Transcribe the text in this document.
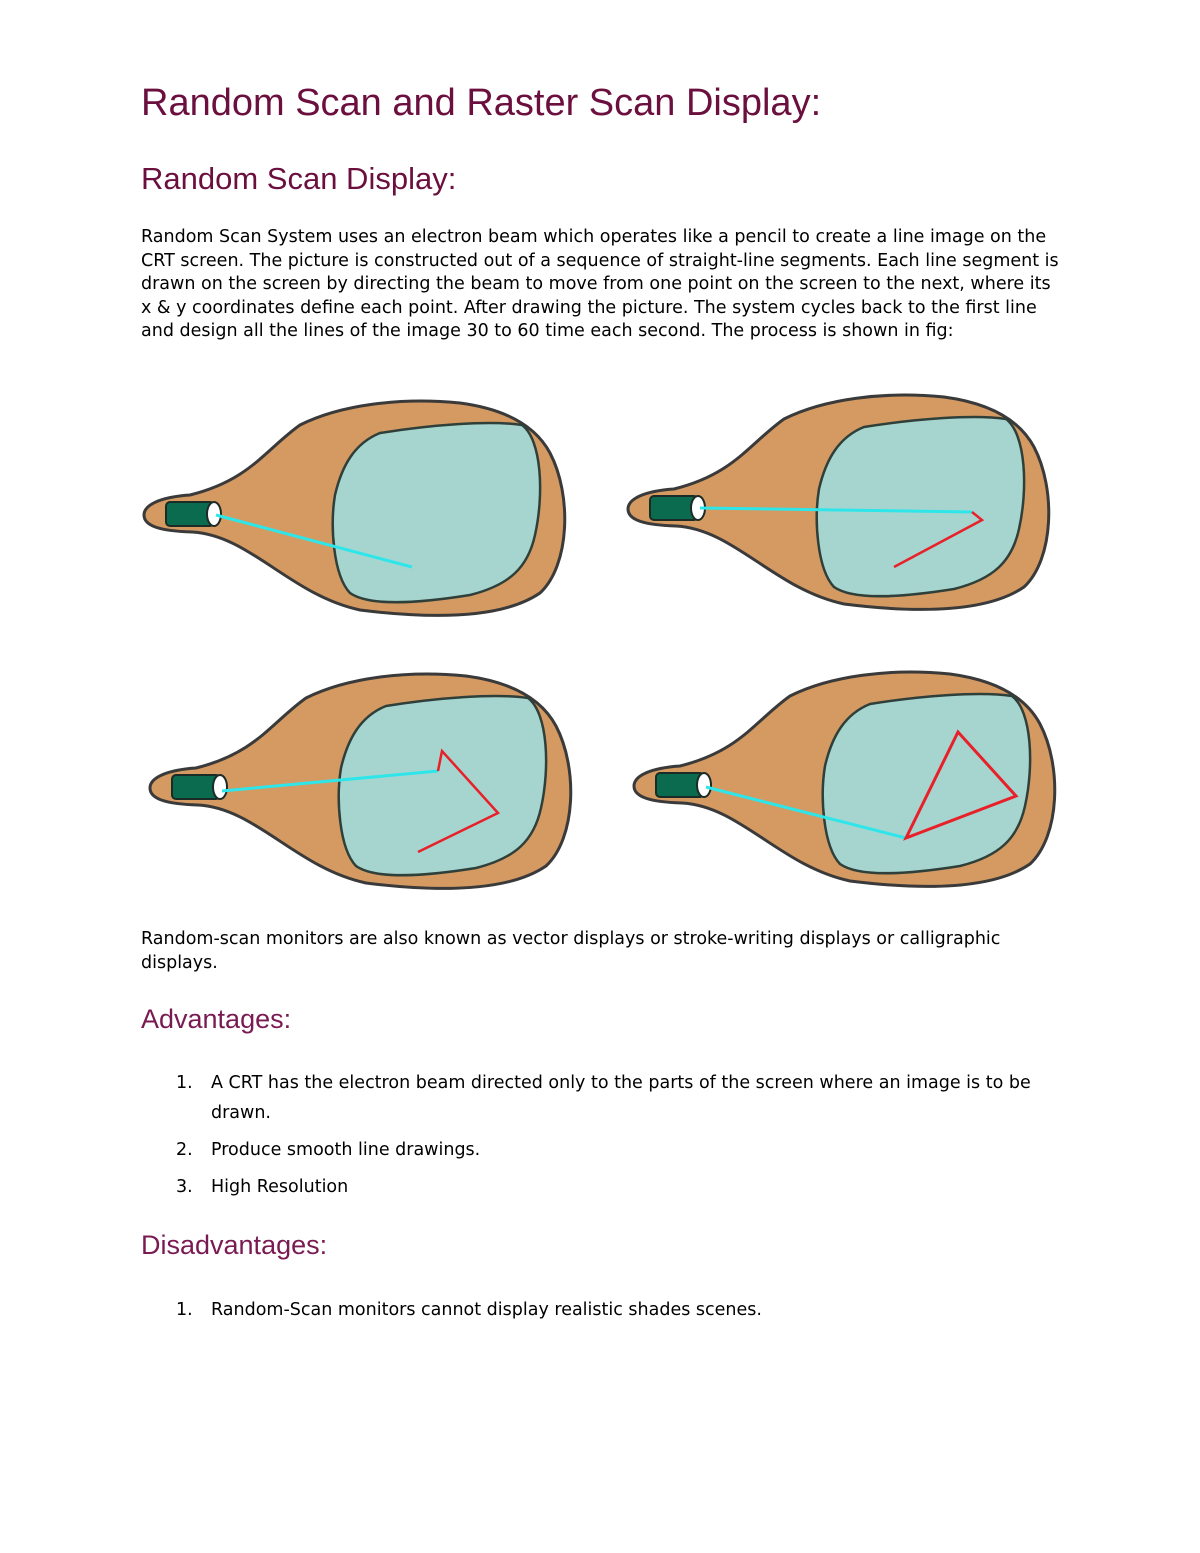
Random Scan and Raster Scan Display:
Random Scan Display:

Random Scan System uses an electron beam which operates like a pencil to create a line image on the CRT screen. The picture is constructed out of a sequence of straight-line segments. Each line segment is drawn on the screen by directing the beam to move from one point on the screen to the next, where its x & y coordinates define each point. After drawing the picture. The system cycles back to the first line and design all the lines of the image 30 to 60 time each second. The process is shown in fig:

Random-scan monitors are also known as vector displays or stroke-writing displays or calligraphic displays.

Advantages:
1. A CRT has the electron beam directed only to the parts of the screen where an image is to be drawn.
2. Produce smooth line drawings.
3. High Resolution
Disadvantages:
1. Random-Scan monitors cannot display realistic shades scenes.
